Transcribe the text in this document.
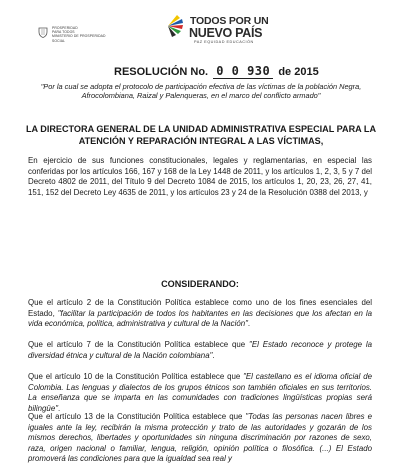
PROSPERIDAD
PARA TODOS
MINISTERIO DE PROSPERIDAD
SOCIAL
TODOS POR UN
NUEVO PAÍS
PAZ EQUIDAD EDUCACIÓN
RESOLUCIÓN No. 0 0 930 de 2015
"Por la cual se adopta el protocolo de participación efectiva de las víctimas de la población Negra, Afrocolombiana, Raizal y Palenqueras, en el marco del conflicto armado"
LA DIRECTORA GENERAL DE LA UNIDAD ADMINISTRATIVA ESPECIAL PARA LA ATENCIÓN Y REPARACIÓN INTEGRAL A LAS VÍCTIMAS,

En ejercicio de sus funciones constitucionales, legales y reglamentarias, en especial las conferidas por los artículos 166, 167 y 168 de la Ley 1448 de 2011, y los artículos 1, 2, 3, 5 y 7 del Decreto 4802 de 2011, del Título 9 del Decreto 1084 de 2015, los artículos 1, 20, 23, 26, 27, 41, 151, 152 del Decreto Ley 4635 de 2011, y los artículos 23 y 24 de la Resolución 0388 del 2013, y

CONSIDERANDO:

Que el artículo 2 de la Constitución Política establece como uno de los fines esenciales del Estado, "facilitar la participación de todos los habitantes en las decisiones que los afectan en la vida económica, política, administrativa y cultural de la Nación".

Que el artículo 7 de la Constitución Política establece que "El Estado reconoce y protege la diversidad étnica y cultural de la Nación colombiana".

Que el artículo 10 de la Constitución Política establece que "El castellano es el idioma oficial de Colombia. Las lenguas y dialectos de los grupos étnicos son también oficiales en sus territorios. La enseñanza que se imparta en las comunidades con tradiciones lingüísticas propias será bilingüe".

Que el artículo 13 de la Constitución Política establece que "Todas las personas nacen libres e iguales ante la ley, recibirán la misma protección y trato de las autoridades y gozarán de los mismos derechos, libertades y oportunidades sin ninguna discriminación por razones de sexo, raza, origen nacional o familiar, lengua, religión, opinión política o filosófica. (...) El Estado promoverá las condiciones para que la igualdad sea real y
